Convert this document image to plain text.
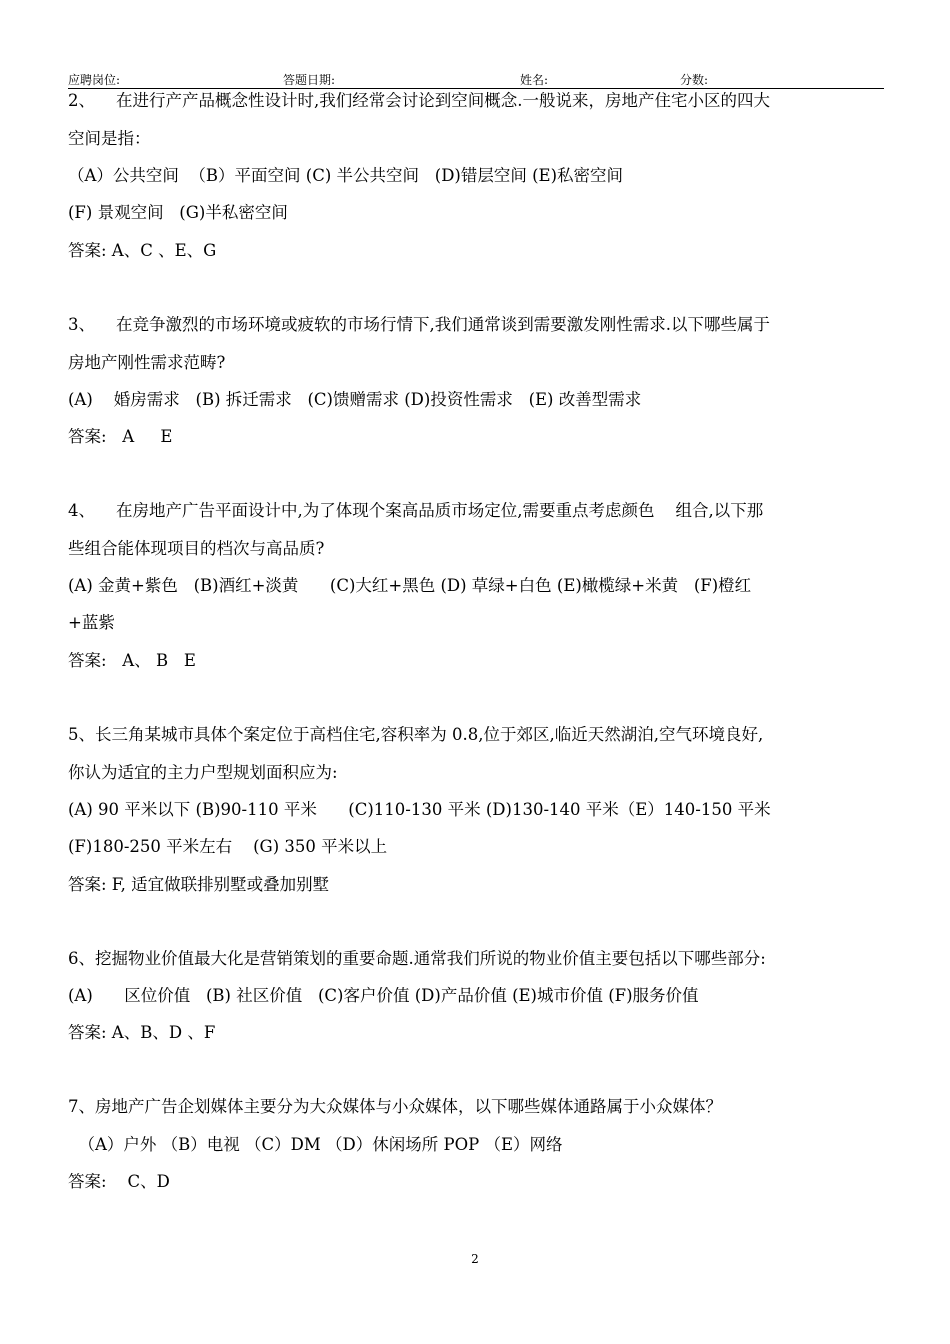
应聘岗位:	答题日期:	姓名:	分数:
2、    在进行产产品概念性设计时,我们经常会讨论到空间概念.一般说来，房地产住宅小区的四大
空间是指：
（A）公共空间  （B）平面空间 (C) 半公共空间   (D)错层空间 (E)私密空间
(F) 景观空间   (G)半私密空间
答案: A、C 、E、G
3、    在竞争激烈的市场环境或疲软的市场行情下,我们通常谈到需要激发刚性需求.以下哪些属于
房地产刚性需求范畴?
(A)    婚房需求   (B) 拆迁需求   (C)馈赠需求 (D)投资性需求   (E) 改善型需求
答案:   A     E
4、    在房地产广告平面设计中,为了体现个案高品质市场定位,需要重点考虑颜色    组合,以下那
些组合能体现项目的档次与高品质?
(A) 金黄+紫色   (B)酒红+淡黄      (C)大红+黑色 (D) 草绿+白色 (E)橄榄绿+米黄   (F)橙红
+蓝紫
答案:   A、 B   E
5、长三角某城市具体个案定位于高档住宅,容积率为 0.8,位于郊区,临近天然湖泊,空气环境良好,
你认为适宜的主力户型规划面积应为:
(A) 90 平米以下 (B)90-110 平米      (C)110-130 平米 (D)130-140 平米（E）140-150 平米
(F)180-250 平米左右    (G) 350 平米以上
答案: F, 适宜做联排别墅或叠加别墅
6、挖掘物业价值最大化是营销策划的重要命题.通常我们所说的物业价值主要包括以下哪些部分:
(A)      区位价值   (B) 社区价值   (C)客户价值 (D)产品价值 (E)城市价值 (F)服务价值
答案: A、B、D 、F
7、房地产广告企划媒体主要分为大众媒体与小众媒体，以下哪些媒体通路属于小众媒体？
（A）户外 （B）电视 （C）DM （D）休闲场所 POP （E）网络
答案:    C、D
2
